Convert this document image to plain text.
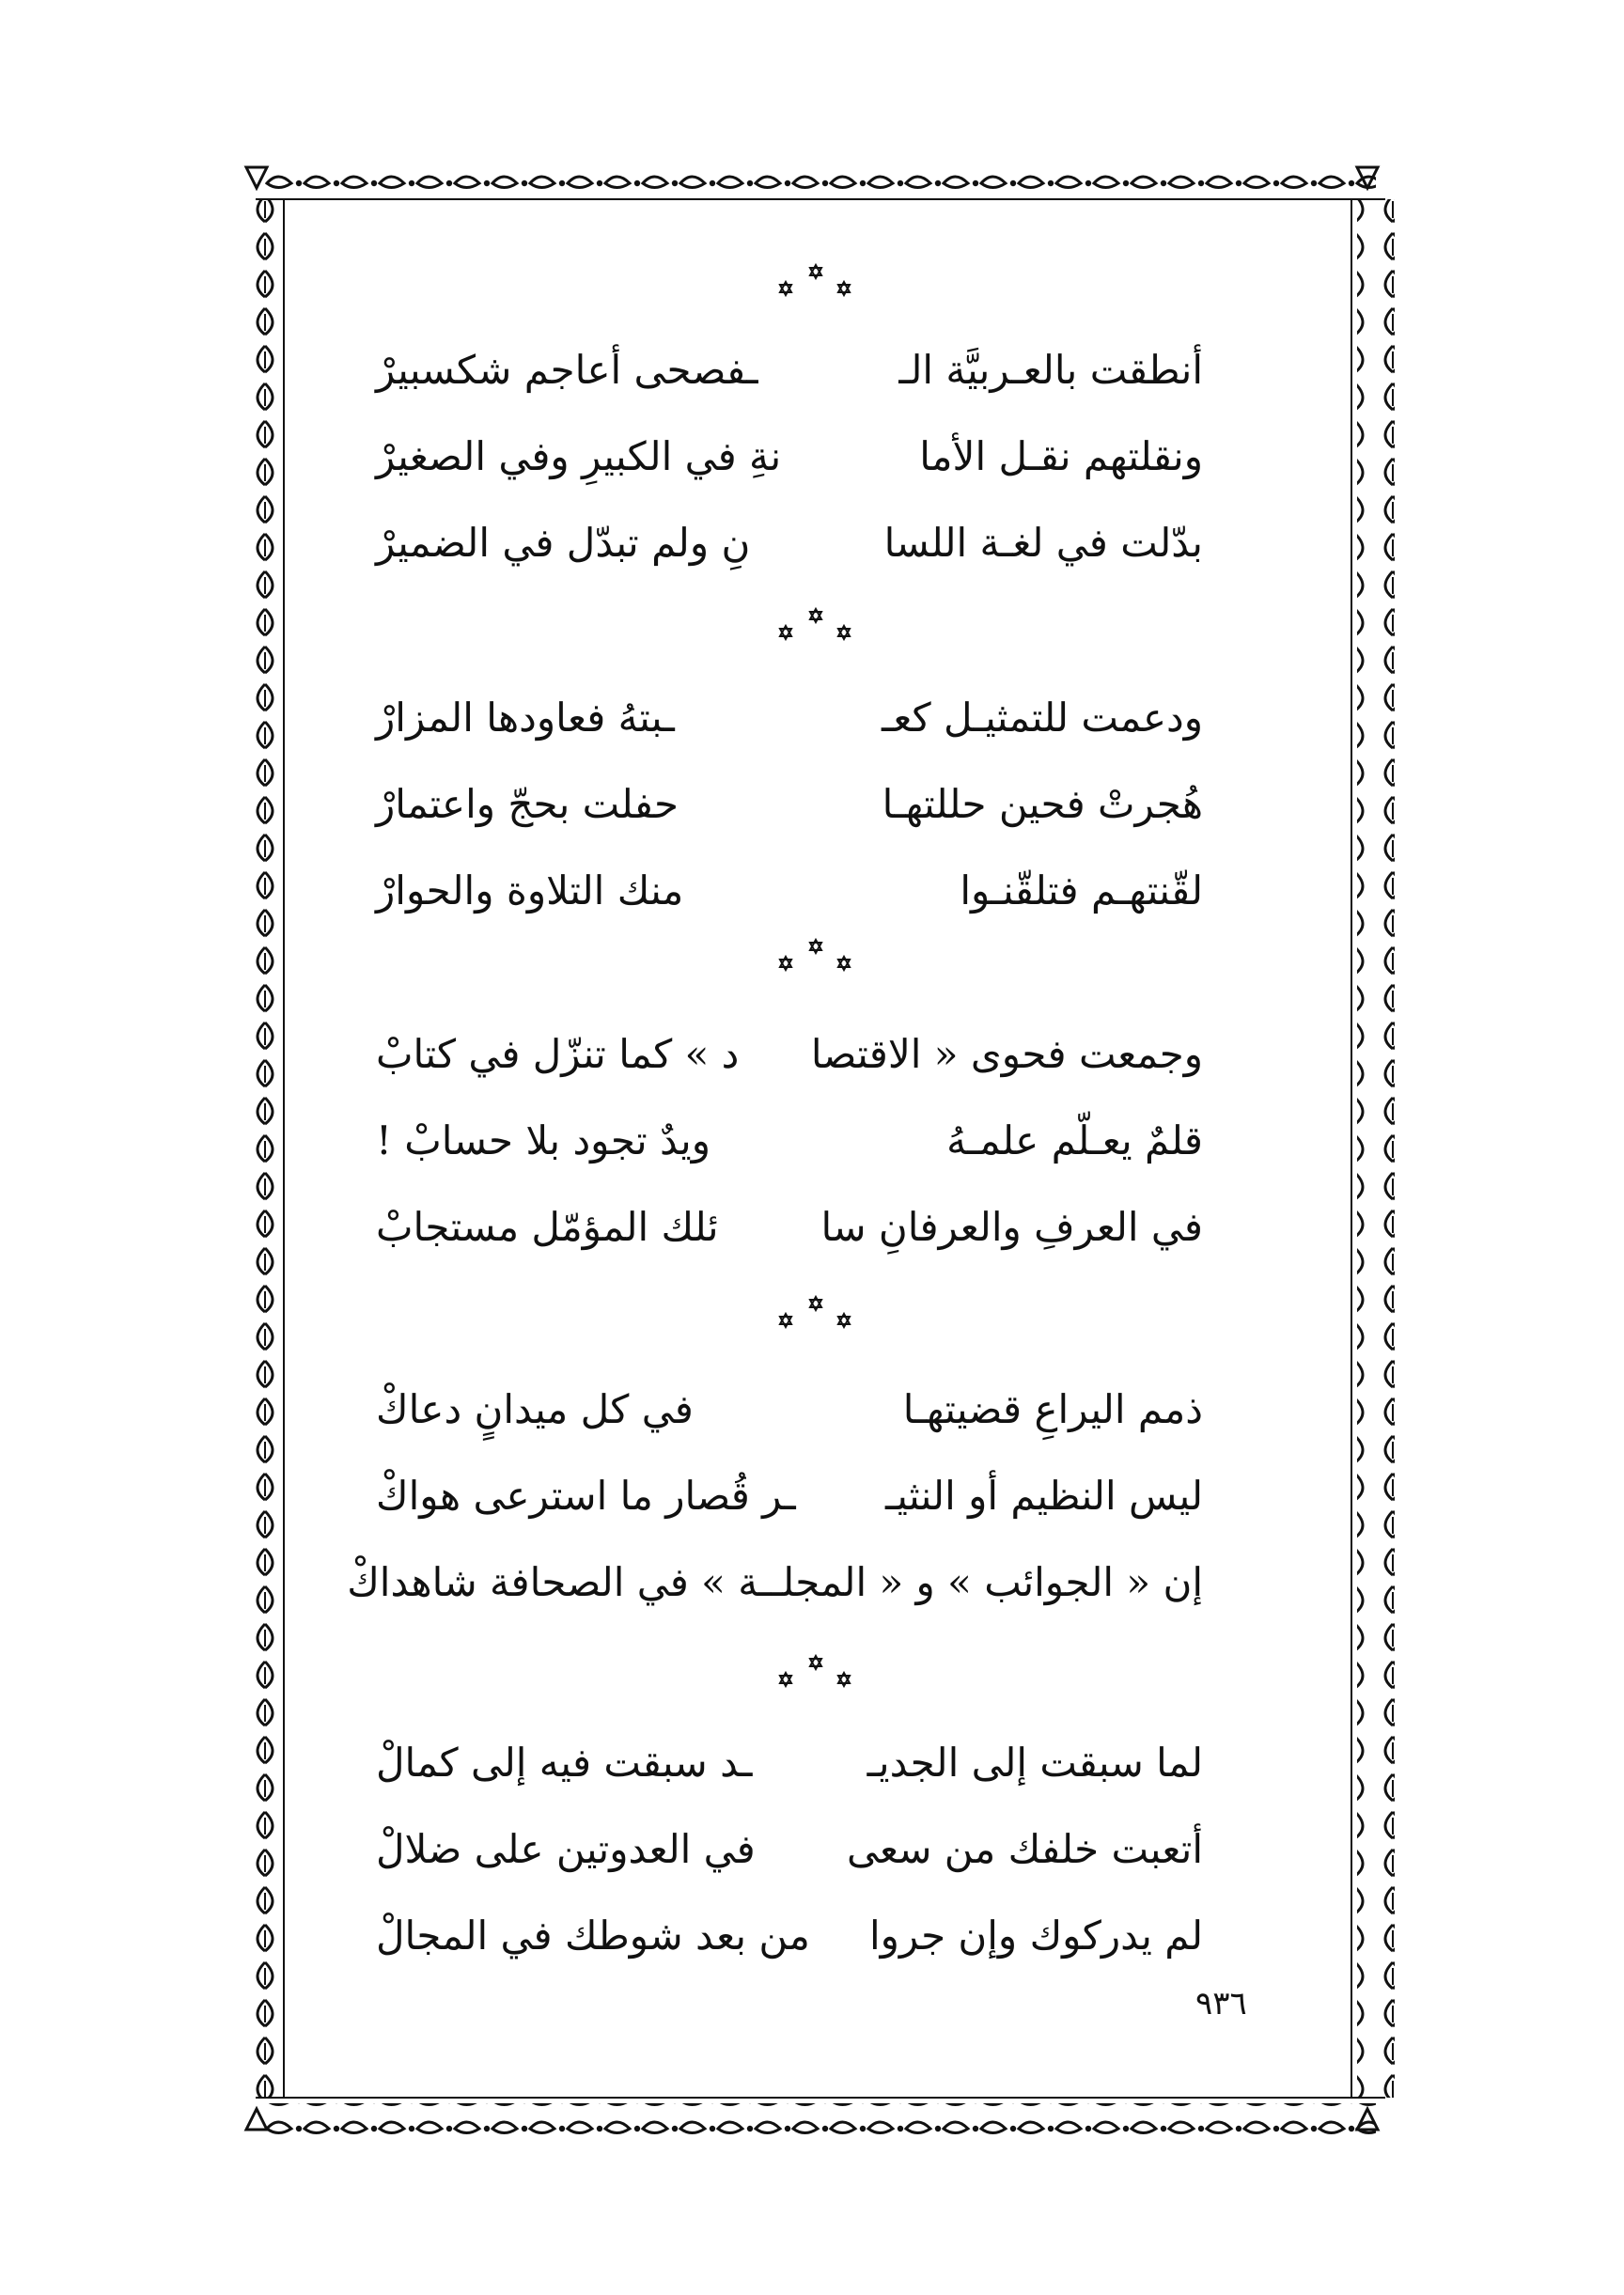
أنطقت بالعـربيَّة الـ
ـفصحى أعاجم شكسبيرْ
ونقلتهم نقـل الأما
نةِ في الكبيرِ وفي الصغيرْ
بدّلت في لغـة اللسا
نِ ولم تبدّل في الضميرْ
ودعمت للتمثيـل كعـ
ـبتهُ فعاودها المزارْ
هُجرتْ فحين حللتهـا
حفلت بحجّ واعتمارْ
لقّنتهـم فتلقّنـوا
منك التلاوة والحوارْ
وجمعت فحوى « الاقتصا
د » كما تنزّل في كتابْ
قلمٌ يعـلّم علمـهُ
ويدٌ تجود بلا حسابْ !
في العرفِ والعرفانِ سا
ئلك المؤمّل مستجابْ
ذمم اليراعِ قضيتهـا
في كل ميدانٍ دعاكْ
ليس النظيم أو النثيـ
ـر قُصار ما استرعى هواكْ
إن « الجوائب » و « المجلـ
ـة » في الصحافة شاهداكْ
لما سبقت إلى الجديـ
ـد سبقت فيه إلى كمالْ
أتعبت خلفك من سعى
في العدوتين على ضلالْ
لم يدركوك وإن جروا
من بعد شوطك في المجالْ
٩٣٦
